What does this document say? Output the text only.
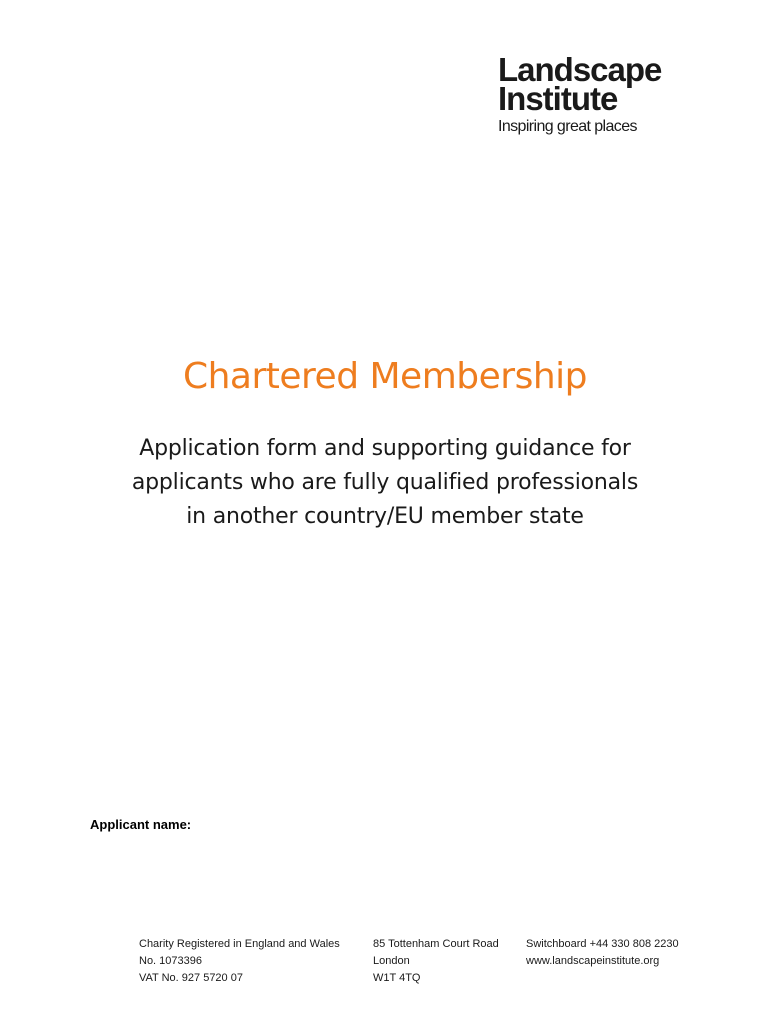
Landscape
Institute
Inspiring great places
Chartered Membership
Application form and supporting guidance for
applicants who are fully qualified professionals
in another country/EU member state
Applicant name:
Charity Registered in England and Wales
No. 1073396
VAT No. 927 5720 07
85 Tottenham Court Road
London
W1T 4TQ
Switchboard +44 330 808 2230
www.landscapeinstitute.org
